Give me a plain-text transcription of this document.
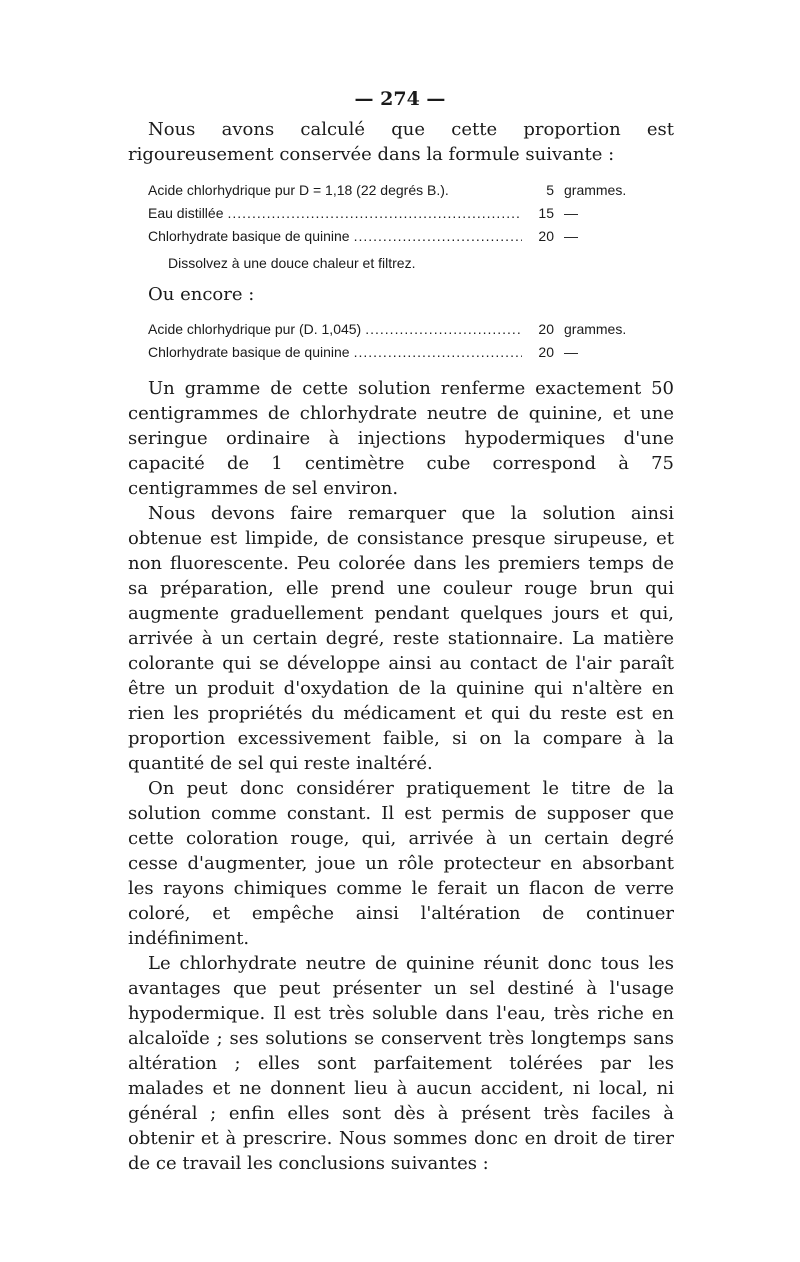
— 274 —

Nous avons calculé que cette proportion est rigoureusement conservée dans la formule suivante :

Acide chlorhydrique pur D = 1,18 (22 degrés B.).	5 grammes.
Eau distillée .....	15 —
Chlorhydrate basique de quinine .....	20 —
Dissolvez à une douce chaleur et filtrez.
Ou encore :
Acide chlorhydrique pur (D. 1,045) .....	20 grammes.
Chlorhydrate basique de quinine .....	20 —

Un gramme de cette solution renferme exactement 50 centigrammes de chlorhydrate neutre de quinine, et une seringue ordinaire à injections hypodermiques d'une capacité de 1 centimètre cube correspond à 75 centigrammes de sel environ.

Nous devons faire remarquer que la solution ainsi obtenue est limpide, de consistance presque sirupeuse, et non fluorescente. Peu colorée dans les premiers temps de sa préparation, elle prend une couleur rouge brun qui augmente graduellement pendant quelques jours et qui, arrivée à un certain degré, reste stationnaire. La matière colorante qui se développe ainsi au contact de l'air paraît être un produit d'oxydation de la quinine qui n'altère en rien les propriétés du médicament et qui du reste est en proportion excessivement faible, si on la compare à la quantité de sel qui reste inaltéré.

On peut donc considérer pratiquement le titre de la solution comme constant. Il est permis de supposer que cette coloration rouge, qui, arrivée à un certain degré cesse d'augmenter, joue un rôle protecteur en absorbant les rayons chimiques comme le ferait un flacon de verre coloré, et empêche ainsi l'altération de continuer indéfiniment.

Le chlorhydrate neutre de quinine réunit donc tous les avantages que peut présenter un sel destiné à l'usage hypodermique. Il est très soluble dans l'eau, très riche en alcaloïde ; ses solutions se conservent très longtemps sans altération ; elles sont parfaitement tolérées par les malades et ne donnent lieu à aucun accident, ni local, ni général ; enfin elles sont dès à présent très faciles à obtenir et à prescrire. Nous sommes donc en droit de tirer de ce travail les conclusions suivantes :
